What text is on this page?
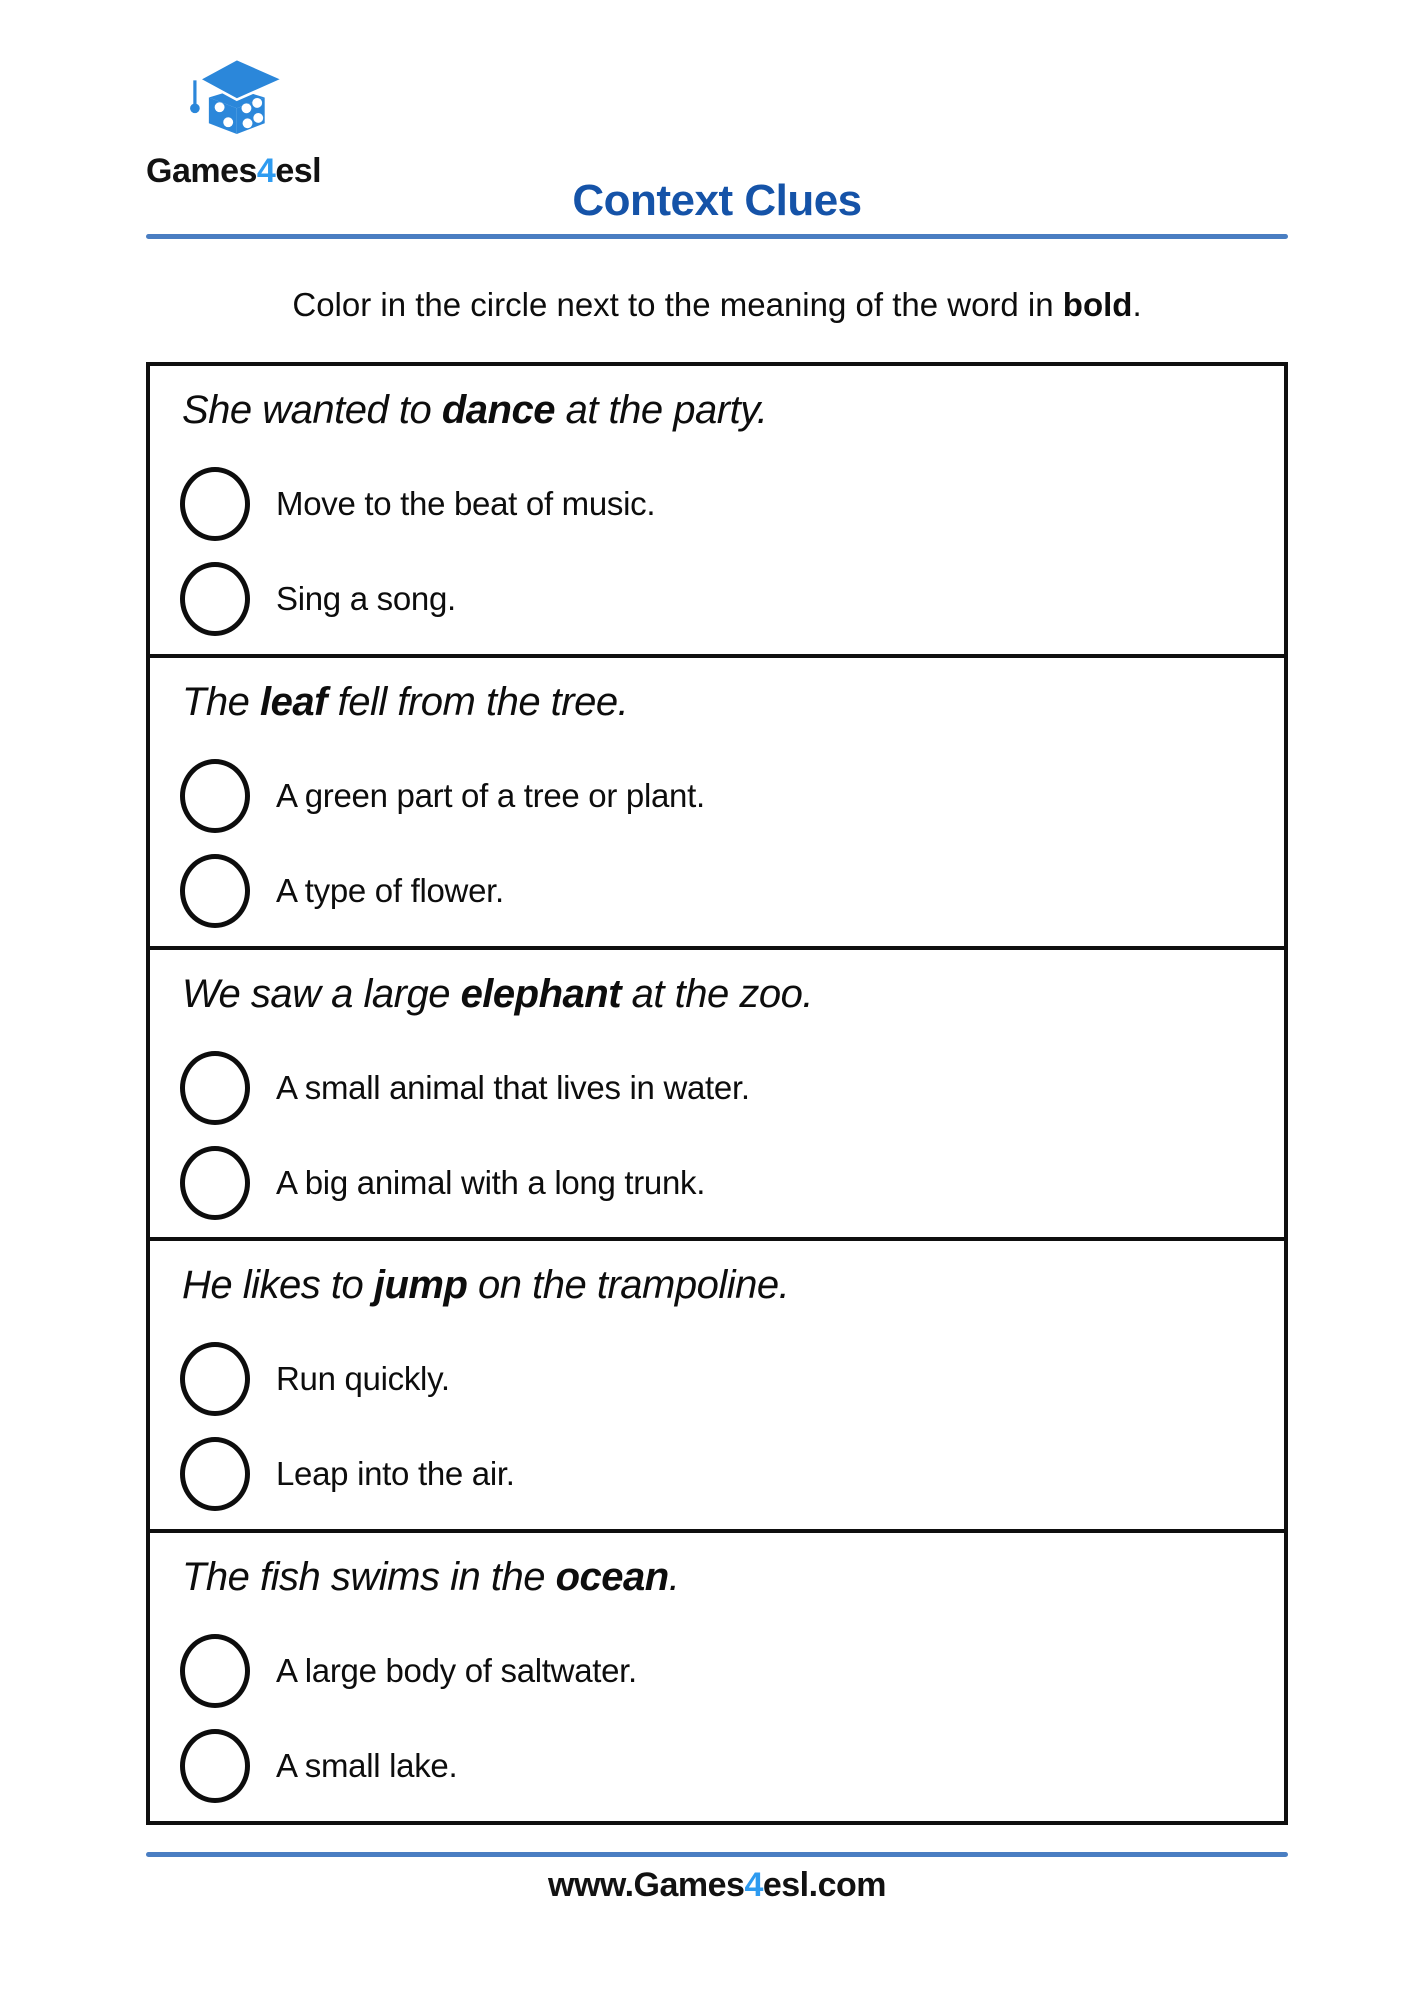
Games4esl
Context Clues
Color in the circle next to the meaning of the word in bold.

She wanted to dance at the party.

Move to the beat of music.
Sing a song.

The leaf fell from the tree.

A green part of a tree or plant.
A type of flower.

We saw a large elephant at the zoo.

A small animal that lives in water.
A big animal with a long trunk.

He likes to jump on the trampoline.

Run quickly.
Leap into the air.

The fish swims in the ocean.

A large body of saltwater.
A small lake.
www.Games4esl.com
